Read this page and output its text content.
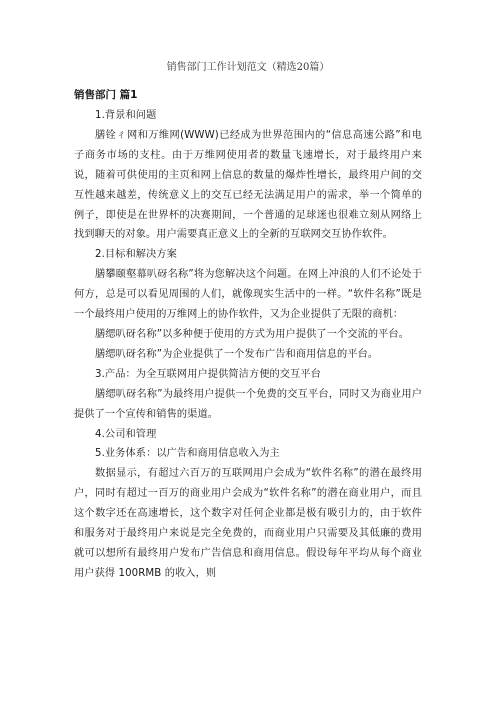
销售部门工作计划范文（精选20篇）
销售部门 篇1

1.背景和问题

膳铨ㄔ网和万维网(WWW)已经成为世界范围内的“信息高速公路”和电子商务市场的支柱。由于万维网使用者的数量飞速增长，对于最终用户来说，随着可供使用的主页和网上信息的数量的爆炸性增长，最终用户间的交互性越来越差，传统意义上的交互已经无法满足用户的需求，举一个简单的例子，即使是在世界杯的决赛期间，一个普通的足球迷也很难立刻从网络上找到聊天的对象。用户需要真正意义上的全新的互联网交互协作软件。

2.目标和解决方案

膳攀颐壑幕叭砑名称”将为您解决这个问题。在网上冲浪的人们不论处于何方，总是可以看见周围的人们，就像现实生活中的一样。“软件名称”既是一个最终用户使用的万维网上的协作软件，又为企业提供了无限的商机：

膳缌叭砑名称”以多种便于使用的方式为用户提供了一个交流的平台。

膳缌叭砑名称”为企业提供了一个发布广告和商用信息的平台。

3.产品：为全互联网用户提供简洁方便的交互平台

膳缌叭砑名称”为最终用户提供一个免费的交互平台，同时又为商业用户提供了一个宣传和销售的渠道。

4.公司和管理

5.业务体系：以广告和商用信息收入为主

数据显示，有超过六百万的互联网用户会成为“软件名称”的潜在最终用户，同时有超过一百万的商业用户会成为“软件名称”的潜在商业用户，而且这个数字还在高速增长，这个数字对任何企业都是极有吸引力的，由于软件和服务对于最终用户来说是完全免费的，而商业用户只需要及其低廉的费用就可以想所有最终用户发布广告信息和商用信息。假设每年平均从每个商业用户获得 100RMB 的收入，则
